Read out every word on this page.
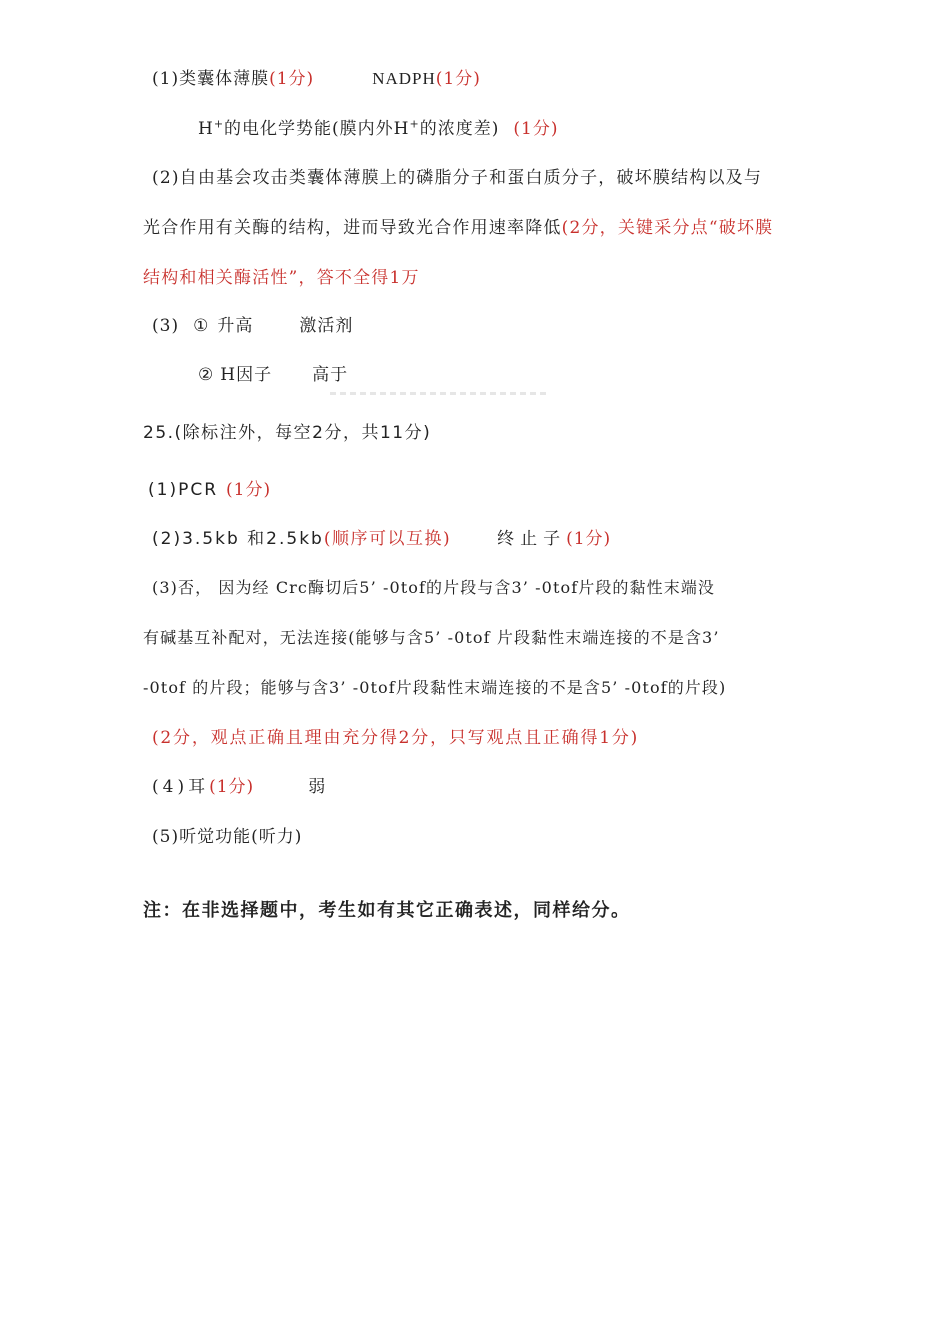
(1)类囊体薄膜(1分)	NADPH(1分)
H+的电化学势能(膜内外H+的浓度差) (1分)
(2)自由基会攻击类囊体薄膜上的磷脂分子和蛋白质分子，破坏膜结构以及与
光合作用有关酶的结构，进而导致光合作用速率降低(2分，关键采分点“破坏膜
结构和相关酶活性”，答不全得1万
(3) ① 升高	激活剂
② H因子 高于
25.(除标注外，每空2分，共11分)
(1)PCR (1分)
(2)3.5kb 和2.5kb(顺序可以互换)	终止子(1分)
(3)否， 因为经 Crc酶切后5’ -0tof的片段与含3’ -0tof片段的黏性末端没
有碱基互补配对，无法连接(能够与含5’ -0tof 片段黏性末端连接的不是含3’
-0tof 的片段；能够与含3’ -0tof片段黏性末端连接的不是含5’ -0tof的片段)
(2分，观点正确且理由充分得2分，只写观点且正确得1分)
(4)耳(1分)	弱
(5)听觉功能(听力)
注：在非选择题中，考生如有其它正确表述，同样给分。
